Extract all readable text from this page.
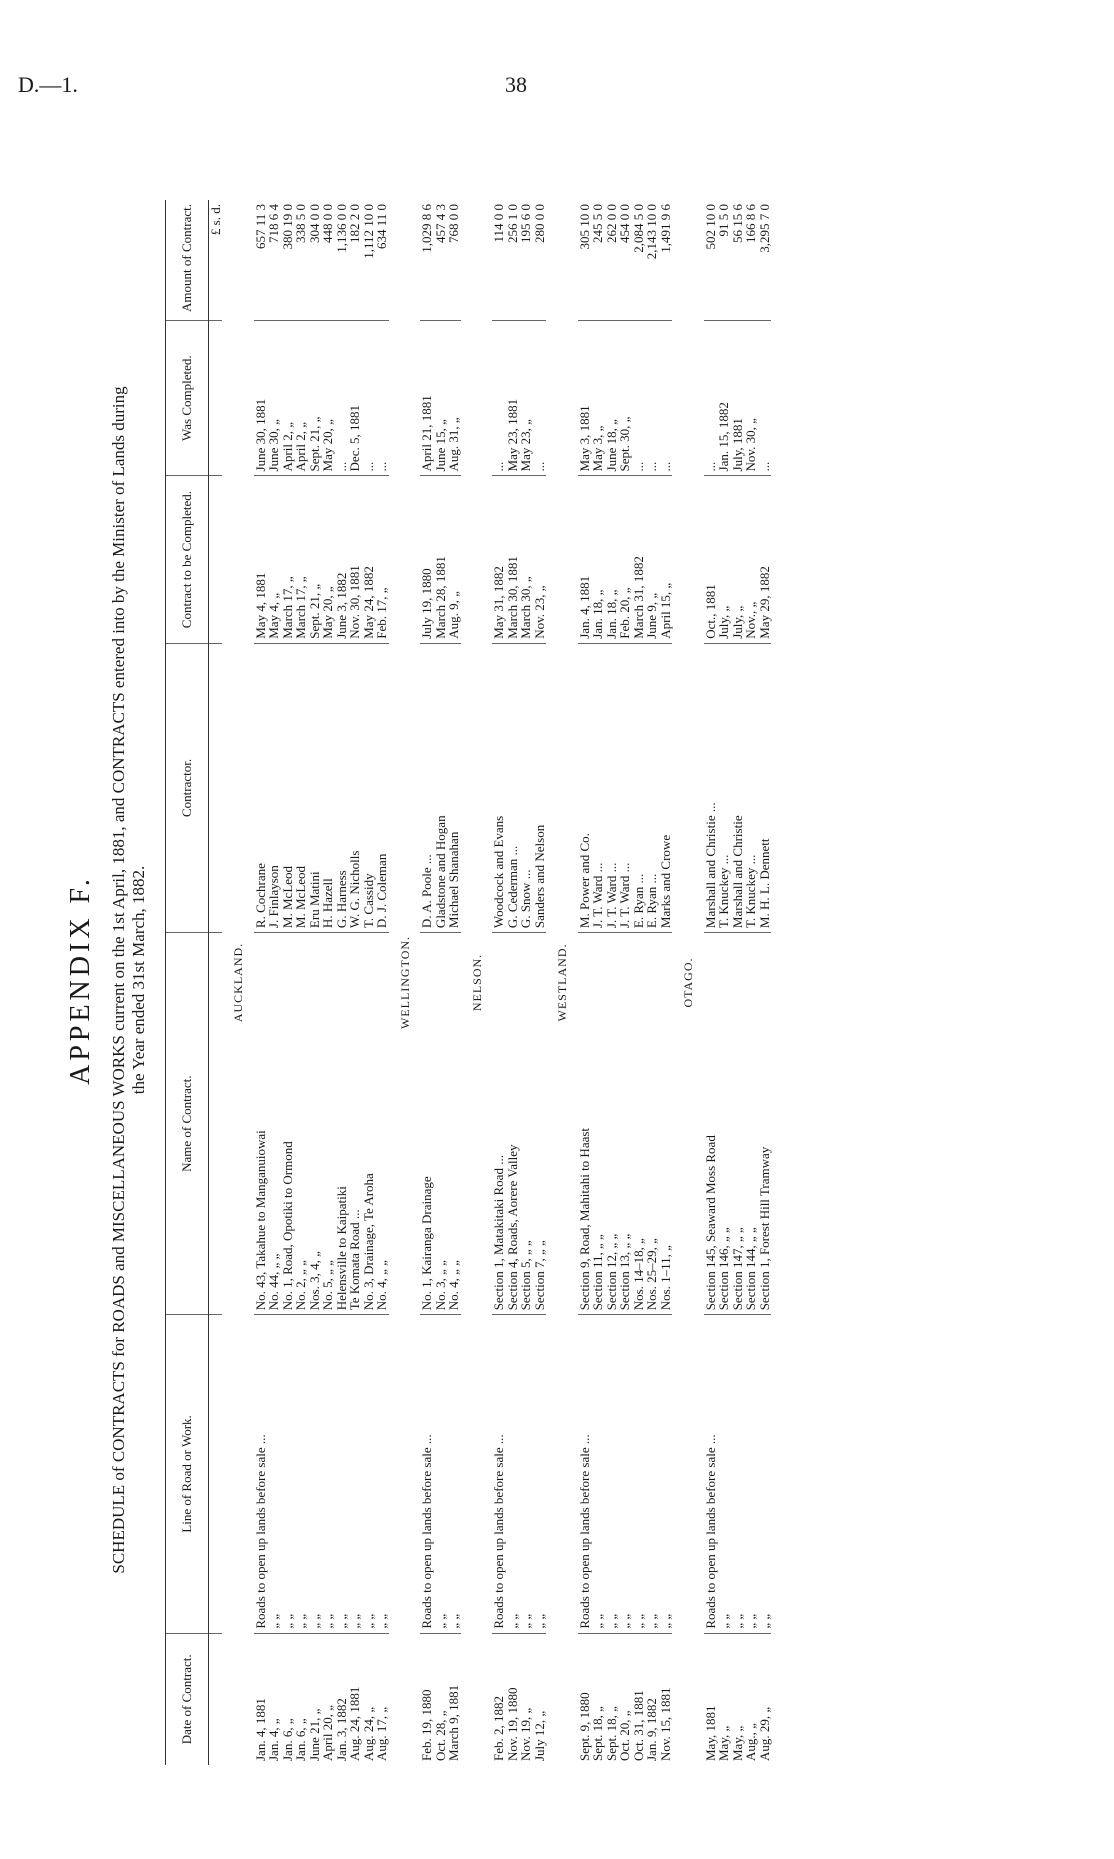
D.—1.	38
APPENDIX F. SCHEDULE of CONTRACTS for ROADS and MISCELLANEOUS WORKS current on the 1st April, 1881, and CONTRACTS entered into by the Minister of Lands during the Year ended 31st March, 1882.
Date of Contract.	Line of Road or Work.	Name of Contract.	Contractor.	Contract to be Completed.	Was Completed.	Amount of Contract.
						£ s. d.
AUCKLAND.						
Jan. 4, 1881	Roads to open up lands before sale ...	No. 43, Takahue to Manganuiowai	R. Cochrane	May 4, 1881	June 30, 1881	657 11 3
Jan. 4, „	„ „	No. 44, „ „	J. Finlayson	May 4, „	June 30, „	718 6 4
Jan. 6, „	„ „	No. 1, Road, Opotiki to Ormond	M. McLeod	March 17, „	April 2, „	380 19 0
Jan. 6, „	„ „	No. 2, „ „	M. McLeod	March 17, „	April 2, „	338 5 0
June 21, „	„ „	Nos. 3, 4, „	Eru Matini	Sept. 21, „	Sept. 21, „	304 0 0
April 20, „	„ „	No. 5, „ „	H. Hazell	May 20, „	May 20, „	448 0 0
Jan. 3, 1882	„ „	Helensville to Kaipatiki	G. Harness	June 3, 1882	...	1,136 0 0
Aug. 24, 1881	„ „	Te Komata Road ...	W. G. Nicholls	Nov. 30, 1881	Dec. 5, 1881	182 2 0
Aug. 24, „	„ „	No. 3, Drainage, Te Aroha	T. Cassidy	May 24, 1882	...	1,112 10 0
Aug. 17, „	„ „	No. 4, „ „	D. J. Coleman	Feb. 17, „	...	634 11 0
WELLINGTON.						
Feb. 19, 1880	Roads to open up lands before sale ...	No. 1, Kairanga Drainage	D. A. Poole ...	July 19, 1880	April 21, 1881	1,029 8 6
Oct. 28, „	„ „	No. 3, „ „	Gladstone and Hogan	March 28, 1881	June 15, „	457 4 3
March 9, 1881	„ „	No. 4, „ „	Michael Shanahan	Aug. 9, „	Aug. 31, „	768 0 0
NELSON.						
Feb. 2, 1882	Roads to open up lands before sale ...	Section 1, Matakitaki Road ...	Woodcock and Evans	May 31, 1882	...	114 0 0
Nov. 19, 1880	„ „	Section 4, Roads, Aorere Valley	G. Cederman ...	March 30, 1881	May 23, 1881	256 1 0
Nov. 19, „	„ „	Section 5, „ „	G. Snow ...	March 30, „	May 23, „	195 6 0
July 12, „	„ „	Section 7, „ „	Sanders and Nelson	Nov. 23, „	...	280 0 0
WESTLAND.						
Sept. 9, 1880	Roads to open up lands before sale ...	Section 9, Road, Mahitahi to Haast	M. Power and Co.	Jan. 4, 1881	May 3, 1881	305 10 0
Sept. 18, „	„ „	Section 11, „ „	J. T. Ward ...	Jan. 18, „	May 3, „	245 5 0
Sept. 18, „	„ „	Section 12, „ „	J. T. Ward ...	Jan. 18, „	June 18, „	262 0 0
Oct. 20, „	„ „	Section 13, „ „	J. T. Ward ...	Feb. 20, „	Sept. 30, „	454 0 0
Oct. 31, 1881	„ „	Nos. 14–18, „	E. Ryan ...	March 31, 1882	...	2,084 5 0
Jan. 9, 1882	„ „	Nos. 25–29, „	E. Ryan ...	June 9, „	...	2,143 10 0
Nov. 15, 1881	„ „	Nos. 1–11, „	Marks and Crowe	April 15, „	...	1,491 9 6
OTAGO.						
May, 1881	Roads to open up lands before sale ...	Section 145, Seaward Moss Road	Marshall and Christie ...	Oct., 1881	...	502 10 0
May, „	„ „	Section 146, „ „	T. Knuckey ...	July, „	Jan. 15, 1882	91 5 0
May, „	„ „	Section 147, „ „	Marshall and Christie	July, „	July, 1881	56 15 6
Aug., „	„ „	Section 144, „ „	T. Knuckey ...	Nov., „	Nov. 30, „	166 8 6
Aug. 29, „	„ „	Section 1, Forest Hill Tramway	M. H. L. Dennett	May 29, 1882	...	3,295 7 0
